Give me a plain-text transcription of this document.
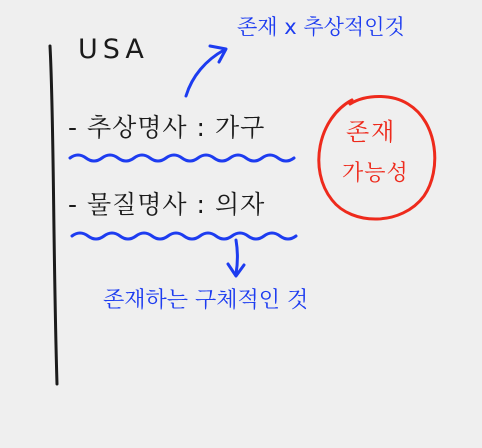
USA
- 추상명사 : 가구
- 물질명사 : 의자
존재 x 추상적인것
존재하는 구체적인 것
존재
가능성
